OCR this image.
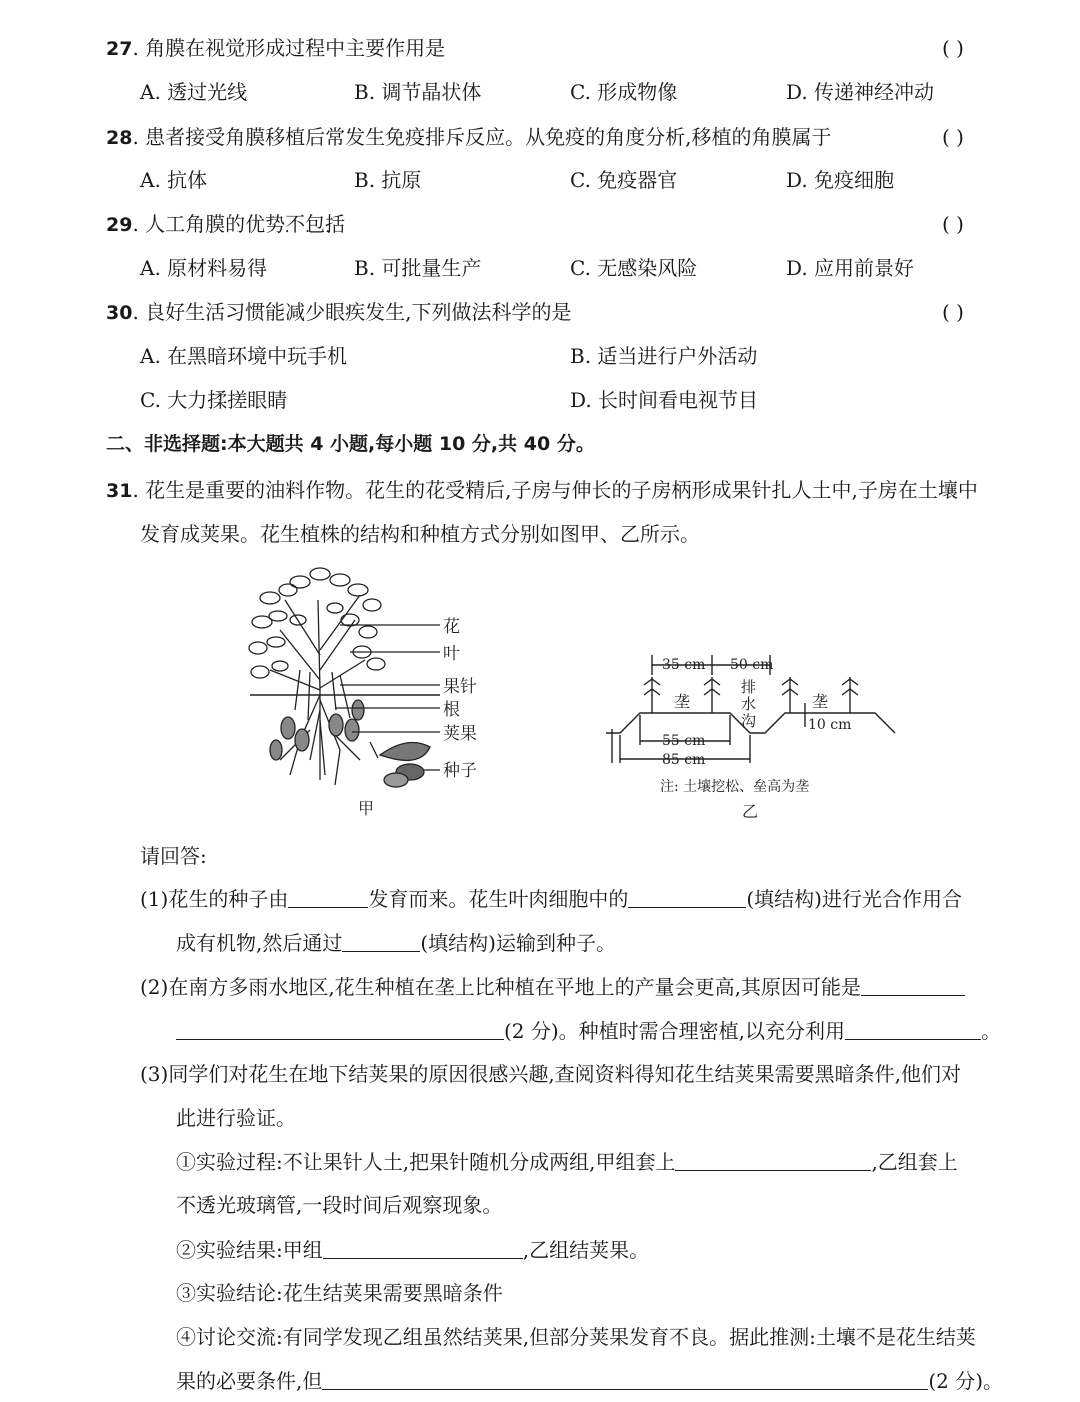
27. 角膜在视觉形成过程中主要作用是	( )
A. 透过光线	B. 调节晶状体	C. 形成物像	D. 传递神经冲动
28. 患者接受角膜移植后常发生免疫排斥反应。从免疫的角度分析,移植的角膜属于	( )
A. 抗体	B. 抗原	C. 免疫器官	D. 免疫细胞
29. 人工角膜的优势不包括 • • •	( )
A. 原材料易得	B. 可批量生产	C. 无感染风险	D. 应用前景好
30. 良好生活习惯能减少眼疾发生,下列做法科学的是	( )
A. 在黑暗环境中玩手机	B. 适当进行户外活动
C. 大力揉搓眼睛	D. 长时间看电视节目
二、非选择题:本大题共 4 小题,每小题 10 分,共 40 分。
31. 花生是重要的油料作物。花生的花受精后,子房与伸长的子房柄形成果针扎人土中,子房在土壤中
发育成荚果。花生植株的结构和种植方式分别如图甲、乙所示。
花
叶
果针
根
荚果
种子
甲
35 cm 50 cm
排
水
沟
垄	垄
55 cm
85 cm
10 cm
注: 土壤挖松、垒高为垄
乙
请回答:
(1)花生的种子由	发育而来。花生叶肉细胞中的	(填结构)进行光合作用合
成有机物,然后通过	(填结构)运输到种子。
(2)在南方多雨水地区,花生种植在垄上比种植在平地上的产量会更高,其原因可能是
(2 分)。种植时需合理密植,以充分利用	。
(3)同学们对花生在地下结荚果的原因很感兴趣,查阅资料得知花生结荚果需要黑暗条件,他们对
此进行验证。
①实验过程:不让果针人土,把果针随机分成两组,甲组套上	,乙组套上
不透光玻璃管,一段时间后观察现象。
②实验结果:甲组	,乙组结荚果。
③实验结论:花生结荚果需要黑暗条件
④讨论交流:有同学发现乙组虽然结荚果,但部分荚果发育不良。据此推测:土壤不是花生结荚
果的必要条件,但	(2 分)。
